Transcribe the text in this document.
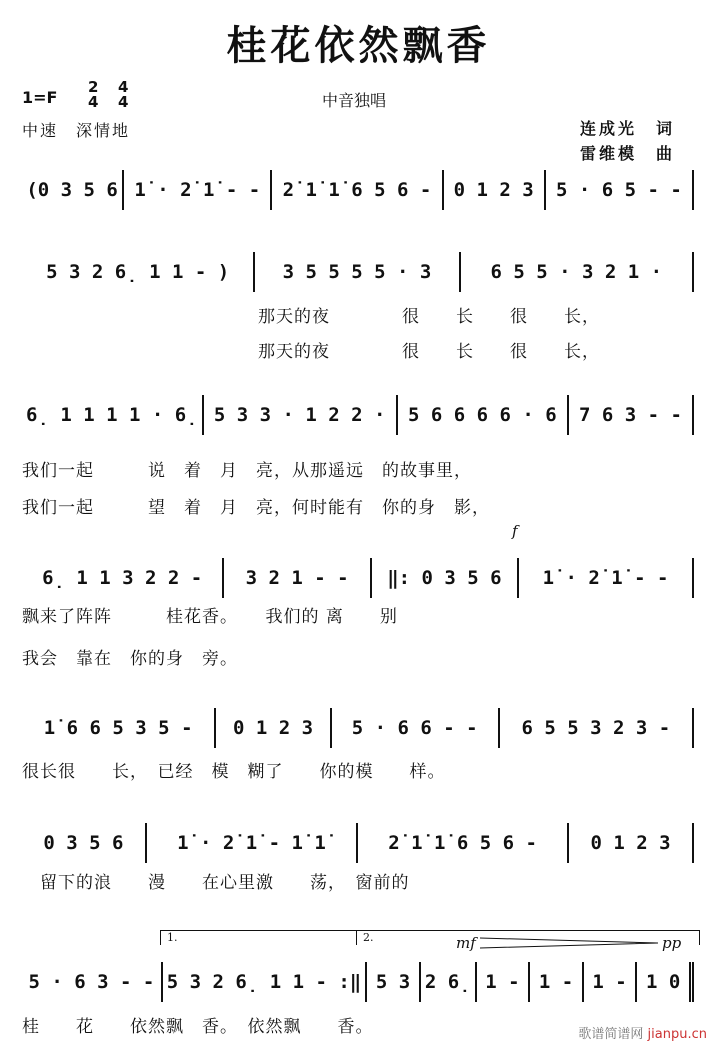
桂花依然飘香
1=F
2
4
4
4	中音独唱
中速　深情地	连成光　词
雷维模　曲
(0 3 5 6 1̇ · 2̇ 1̇ - -	2̇ 1̇ 1̇ 6 5 6 -	0 1 2 3	5 · 6 5 - -
5 3 2 6̣ 1 1 - )	3 5 5 5 5 · 3	6 5 5 · 3 2 1 ·
那天的夜　　　　很　　长　　很　　长，
那天的夜　　　　很　　长　　很　　长，
6̣ 1 1 1 1 · 6̣ 5 3 3 · 1 2 2 ·	5 6 6 6 6 · 6	7 6 3 - -
我们一起　　　说　着　月　亮，从那遥远　的故事里，
我们一起　　　望　着　月　亮，何时能有　你的身　影，
6̣ 1 1 3 2 2 -	3 2 1 - -	‖: 0 3 5 6	1̇ · 2̇ 1̇ - -
飘来了阵阵　　　桂花香。　　我们的 离　　别
我会　靠在　你的身　旁。
1̇ 6 6 5 3 5 -	0 1 2 3	5 · 6 6 - -	6 5 5 3 2 3 -
很长很　　长，　已经　模　糊了　　你的模　　样。
0 3 5 6	1̇ · 2̇ 1̇ - 1̇ 1̇	2̇ 1̇ 1̇ 6 5 6 -	0 1 2 3
　留下的浪　　漫　　在心里激　　荡，　窗前的
5 · 6 3 - - 5 3 2 6̣ 1 1 - :‖ 5 3 2 6̣ 1 -	1 -	1 -	1 0
桂　　花　　依然飘　香。　依然飘　　香。
f
1.	2.	mf	pp
歌谱简谱网 jianpu.cn
